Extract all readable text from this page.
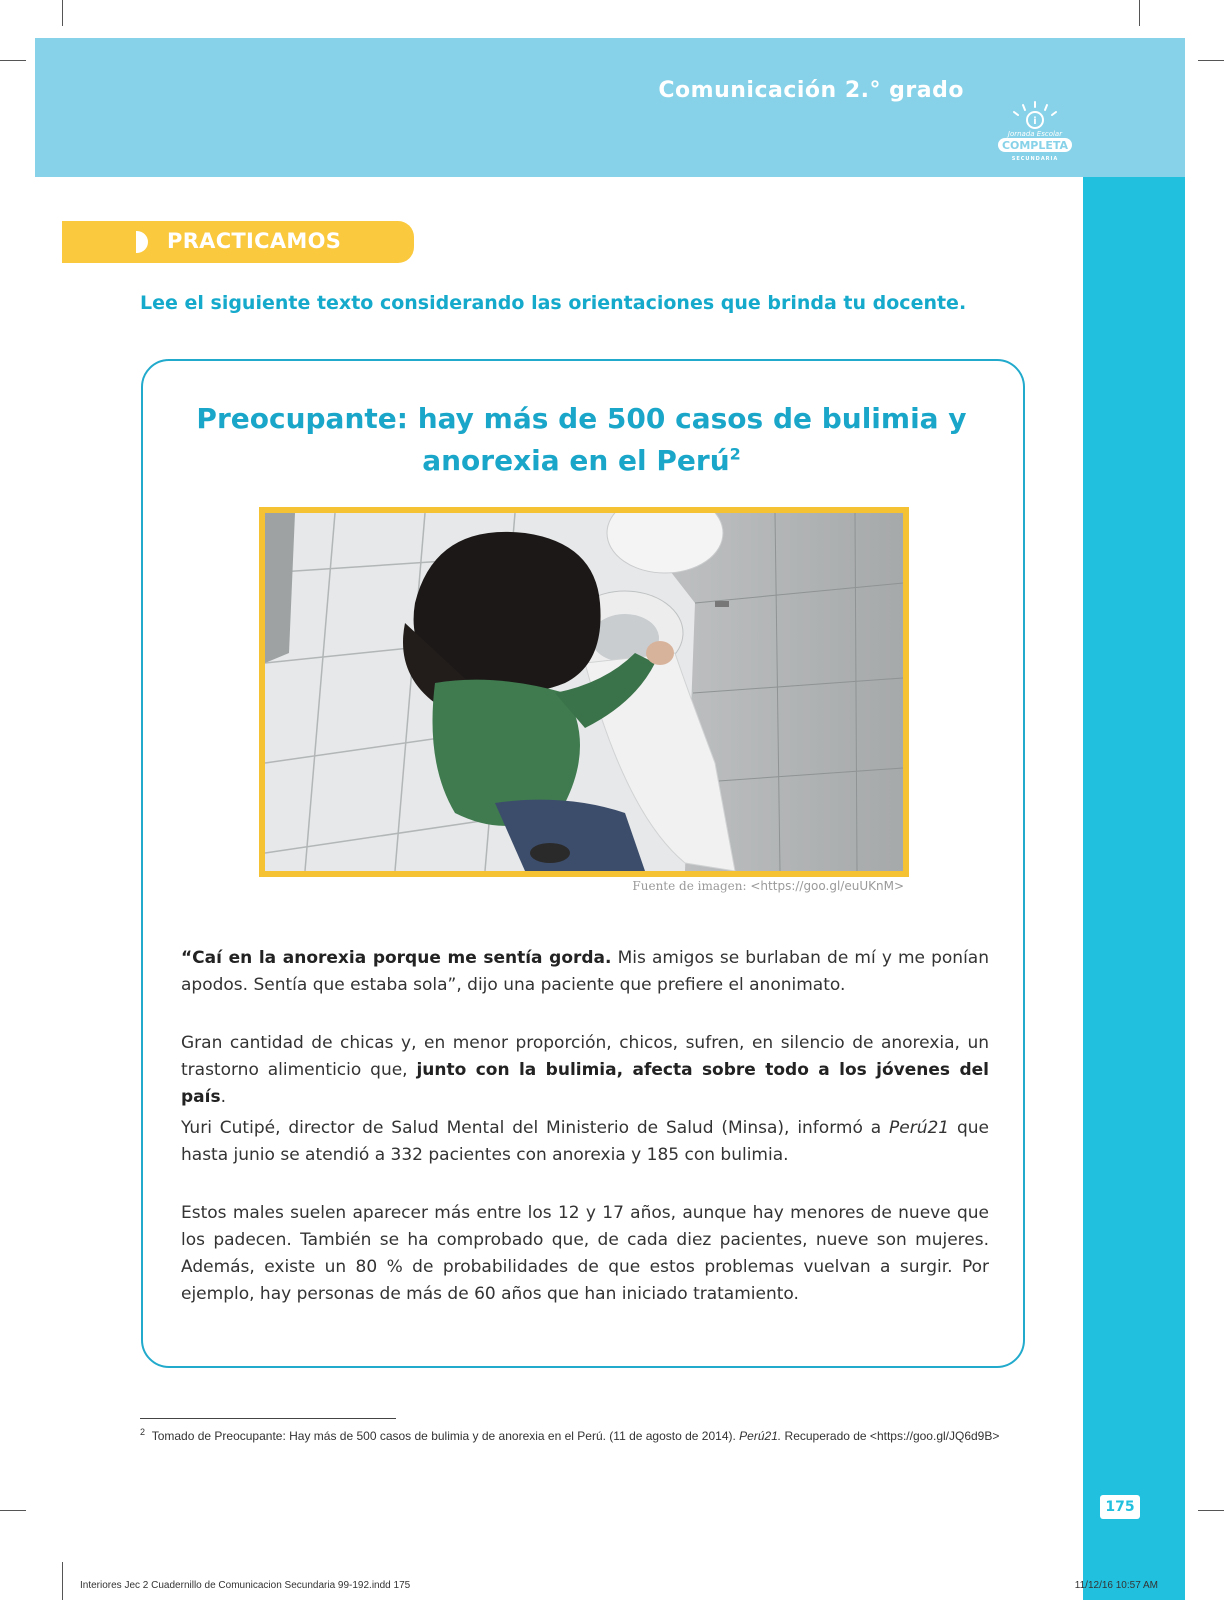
Comunicación 2.° grado
i
Jornada Escolar
COMPLETA
SECUNDARIA
175
PRACTICAMOS
Lee el siguiente texto considerando las orientaciones que brinda tu docente.
Preocupante: hay más de 500 casos de bulimia y
anorexia en el Perú$^2$
Fuente de imagen: <https://goo.gl/euUKnM>
“Caí en la anorexia porque me sentía gorda. Mis amigos se burlaban de mí y me ponían apodos. Sentía que estaba sola”, dijo una paciente que prefiere el anonimato.
Gran cantidad de chicas y, en menor proporción, chicos, sufren, en silencio de anorexia, un trastorno alimenticio que, junto con la bulimia, afecta sobre todo a los jóvenes del país.
Yuri Cutipé, director de Salud Mental del Ministerio de Salud (Minsa), informó a Perú21 que hasta junio se atendió a 332 pacientes con anorexia y 185 con bulimia.
Estos males suelen aparecer más entre los 12 y 17 años, aunque hay menores de nueve que los padecen. También se ha comprobado que, de cada diez pacientes, nueve son mujeres. Además, existe un 80 % de probabilidades de que estos problemas vuelvan a surgir. Por ejemplo, hay personas de más de 60 años que han iniciado tratamiento.
$^2$ Tomado de Preocupante: Hay más de 500 casos de bulimia y de anorexia en el Perú. (11 de agosto de 2014). Perú21. Recuperado de <https://goo.gl/JQ6d9B>
Interiores Jec 2 Cuadernillo de Comunicacion Secundaria 99-192.indd 175	11/12/16 10:57 AM
